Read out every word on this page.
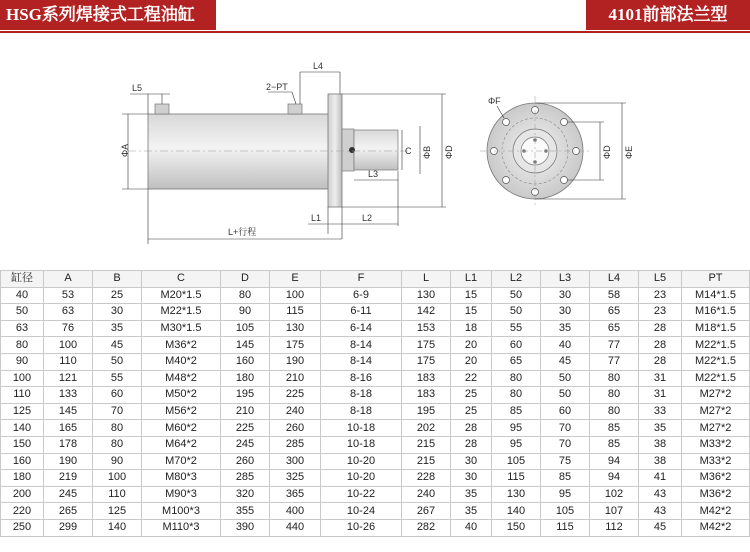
HSG系列焊接式工程油缸	4101前部法兰型
L5	2−PT
L4
ΦA	C ΦB ΦD
L3
L1	L2
L+行程
ΦF
ΦD ΦE
缸径	A	B	C	D	E	F	L	L1	L2	L3	L4	L5	PT
40	53	25	M20*1.5	80	100	6-9	130	15	50	30	58	23	M14*1.5
50	63	30	M22*1.5	90	115	6-11	142	15	50	30	65	23	M16*1.5
63	76	35	M30*1.5	105	130	6-14	153	18	55	35	65	28	M18*1.5
80	100	45	M36*2	145	175	8-14	175	20	60	40	77	28	M22*1.5
90	110	50	M40*2	160	190	8-14	175	20	65	45	77	28	M22*1.5
100	121	55	M48*2	180	210	8-16	183	22	80	50	80	31	M22*1.5
110	133	60	M50*2	195	225	8-18	183	25	80	50	80	31	M27*2
125	145	70	M56*2	210	240	8-18	195	25	85	60	80	33	M27*2
140	165	80	M60*2	225	260	10-18	202	28	95	70	85	35	M27*2
150	178	80	M64*2	245	285	10-18	215	28	95	70	85	38	M33*2
160	190	90	M70*2	260	300	10-20	215	30	105	75	94	38	M33*2
180	219	100	M80*3	285	325	10-20	228	30	115	85	94	41	M36*2
200	245	110	M90*3	320	365	10-22	240	35	130	95	102	43	M36*2
220	265	125	M100*3	355	400	10-24	267	35	140	105	107	43	M42*2
250	299	140	M110*3	390	440	10-26	282	40	150	115	112	45	M42*2
